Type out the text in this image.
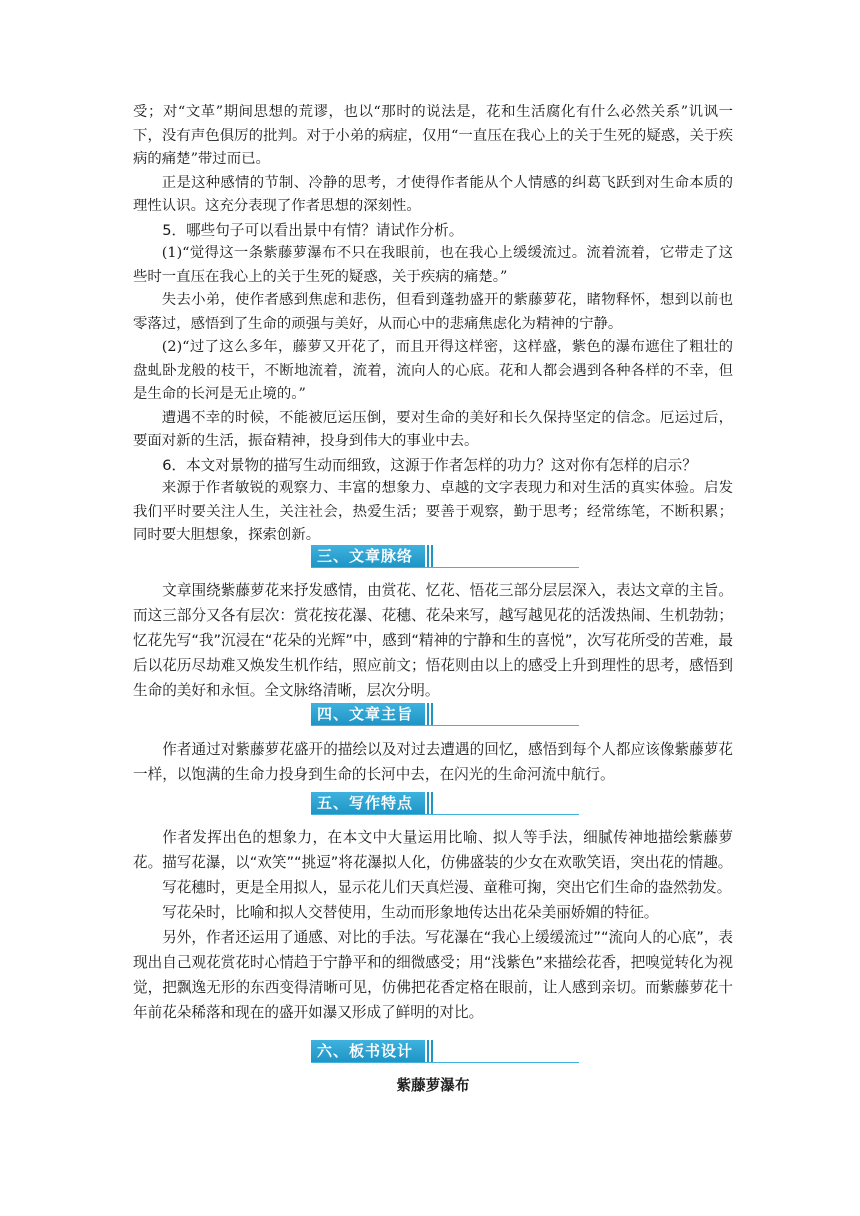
受；对“文革”期间思想的荒谬，也以“那时的说法是，花和生活腐化有什么必然关系”讥讽一下，没有声色俱厉的批判。对于小弟的病症，仅用“一直压在我心上的关于生死的疑惑，关于疾病的痛楚”带过而已。

正是这种感情的节制、冷静的思考，才使得作者能从个人情感的纠葛飞跃到对生命本质的理性认识。这充分表现了作者思想的深刻性。

5．哪些句子可以看出景中有情？请试作分析。

(1)“觉得这一条紫藤萝瀑布不只在我眼前，也在我心上缓缓流过。流着流着，它带走了这些时一直压在我心上的关于生死的疑惑，关于疾病的痛楚。”

失去小弟，使作者感到焦虑和悲伤，但看到蓬勃盛开的紫藤萝花，睹物释怀，想到以前也零落过，感悟到了生命的顽强与美好，从而心中的悲痛焦虑化为精神的宁静。

(2)“过了这么多年，藤萝又开花了，而且开得这样密，这样盛，紫色的瀑布遮住了粗壮的盘虬卧龙般的枝干，不断地流着，流着，流向人的心底。花和人都会遇到各种各样的不幸，但是生命的长河是无止境的。”

遭遇不幸的时候，不能被厄运压倒，要对生命的美好和长久保持坚定的信念。厄运过后，要面对新的生活，振奋精神，投身到伟大的事业中去。

6．本文对景物的描写生动而细致，这源于作者怎样的功力？这对你有怎样的启示？

来源于作者敏锐的观察力、丰富的想象力、卓越的文字表现力和对生活的真实体验。启发我们平时要关注人生，关注社会，热爱生活；要善于观察，勤于思考；经常练笔，不断积累；同时要大胆想象，探索创新。

三、文章脉络

文章围绕紫藤萝花来抒发感情，由赏花、忆花、悟花三部分层层深入，表达文章的主旨。而这三部分又各有层次：赏花按花瀑、花穗、花朵来写，越写越见花的活泼热闹、生机勃勃；忆花先写“我”沉浸在“花朵的光辉”中，感到“精神的宁静和生的喜悦”，次写花所受的苦难，最后以花历尽劫难又焕发生机作结，照应前文；悟花则由以上的感受上升到理性的思考，感悟到生命的美好和永恒。全文脉络清晰，层次分明。

四、文章主旨

作者通过对紫藤萝花盛开的描绘以及对过去遭遇的回忆，感悟到每个人都应该像紫藤萝花一样，以饱满的生命力投身到生命的长河中去，在闪光的生命河流中航行。

五、写作特点

作者发挥出色的想象力，在本文中大量运用比喻、拟人等手法，细腻传神地描绘紫藤萝花。描写花瀑，以“欢笑”“挑逗”将花瀑拟人化，仿佛盛装的少女在欢歌笑语，突出花的情趣。

写花穗时，更是全用拟人，显示花儿们天真烂漫、童稚可掬，突出它们生命的盎然勃发。

写花朵时，比喻和拟人交替使用，生动而形象地传达出花朵美丽娇媚的特征。

另外，作者还运用了通感、对比的手法。写花瀑在“我心上缓缓流过”“流向人的心底”，表现出自己观花赏花时心情趋于宁静平和的细微感受；用“浅紫色”来描绘花香，把嗅觉转化为视觉，把飘逸无形的东西变得清晰可见，仿佛把花香定格在眼前，让人感到亲切。而紫藤萝花十年前花朵稀落和现在的盛开如瀑又形成了鲜明的对比。

六、板书设计
紫藤萝瀑布
